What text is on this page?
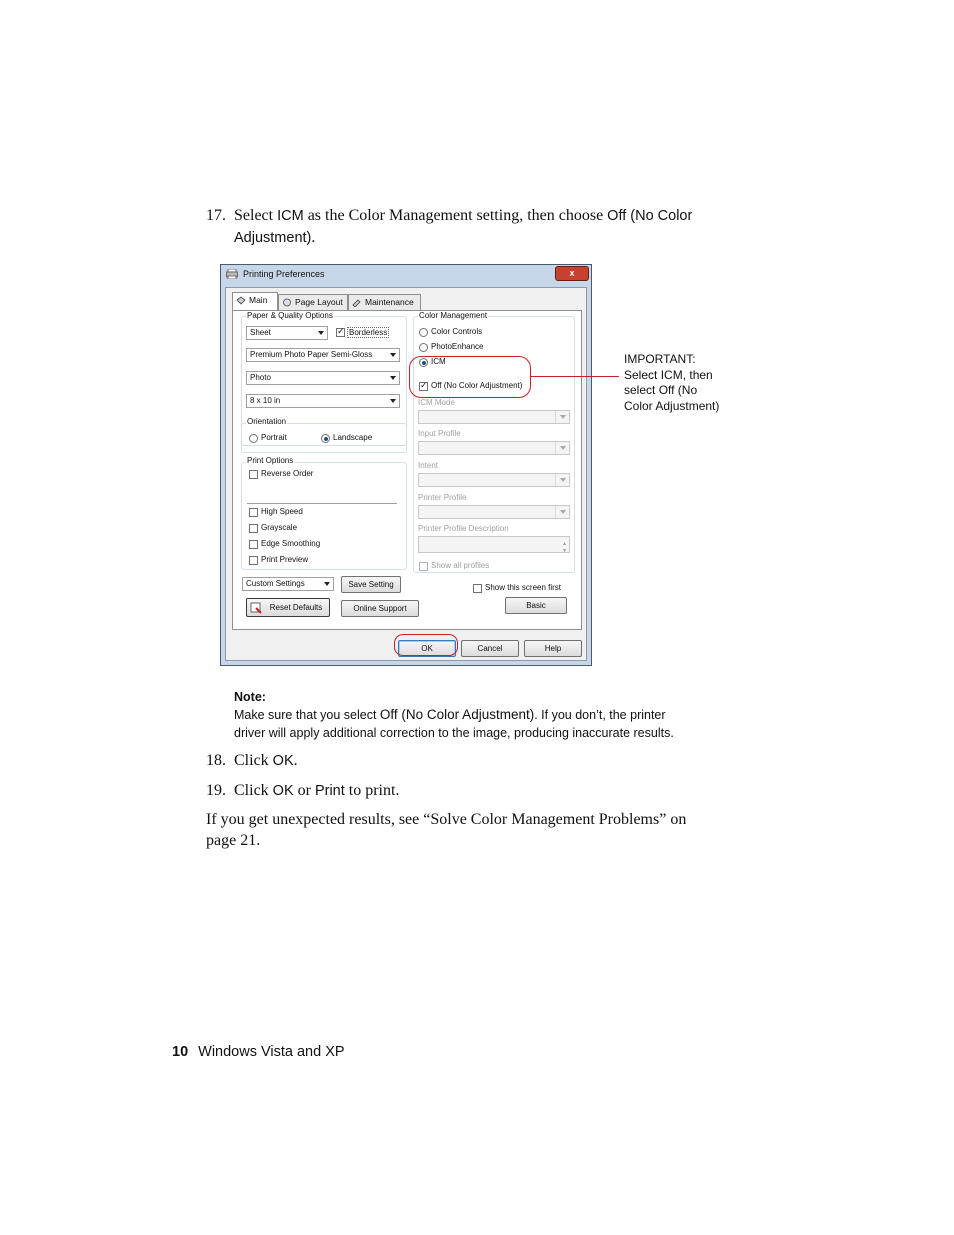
17. Select ICM as the Color Management setting, then choose Off (No Color
Adjustment).
Printing Preferences	x
Main	Page Layout	Maintenance
Paper & Quality Options
Sheet
✓	Borderless
Premium Photo Paper Semi-Gloss
Photo
8 x 10 in
Orientation
Portrait	Landscape
Print Options
Reverse Order
High Speed
Grayscale
Edge Smoothing
Print Preview
Custom Settings	Save Setting
Reset Defaults	Online Support
Color Management
Color Controls
PhotoEnhance
ICM
✓
Off (No Color Adjustment)
ICM Mode
Input Profile
Intent
Printer Profile
Printer Profile Description
▲
▼
Show all profiles
Show this screen first
Basic
OK	Cancel	Help
IMPORTANT:
Select ICM, then
select Off (No
Color Adjustment)
Note:
Make sure that you select Off (No Color Adjustment). If you don’t, the printer
driver will apply additional correction to the image, producing inaccurate results.
18. Click OK.
19. Click OK or Print to print.
If you get unexpected results, see “Solve Color Management Problems” on
page 21.
10 Windows Vista and XP
